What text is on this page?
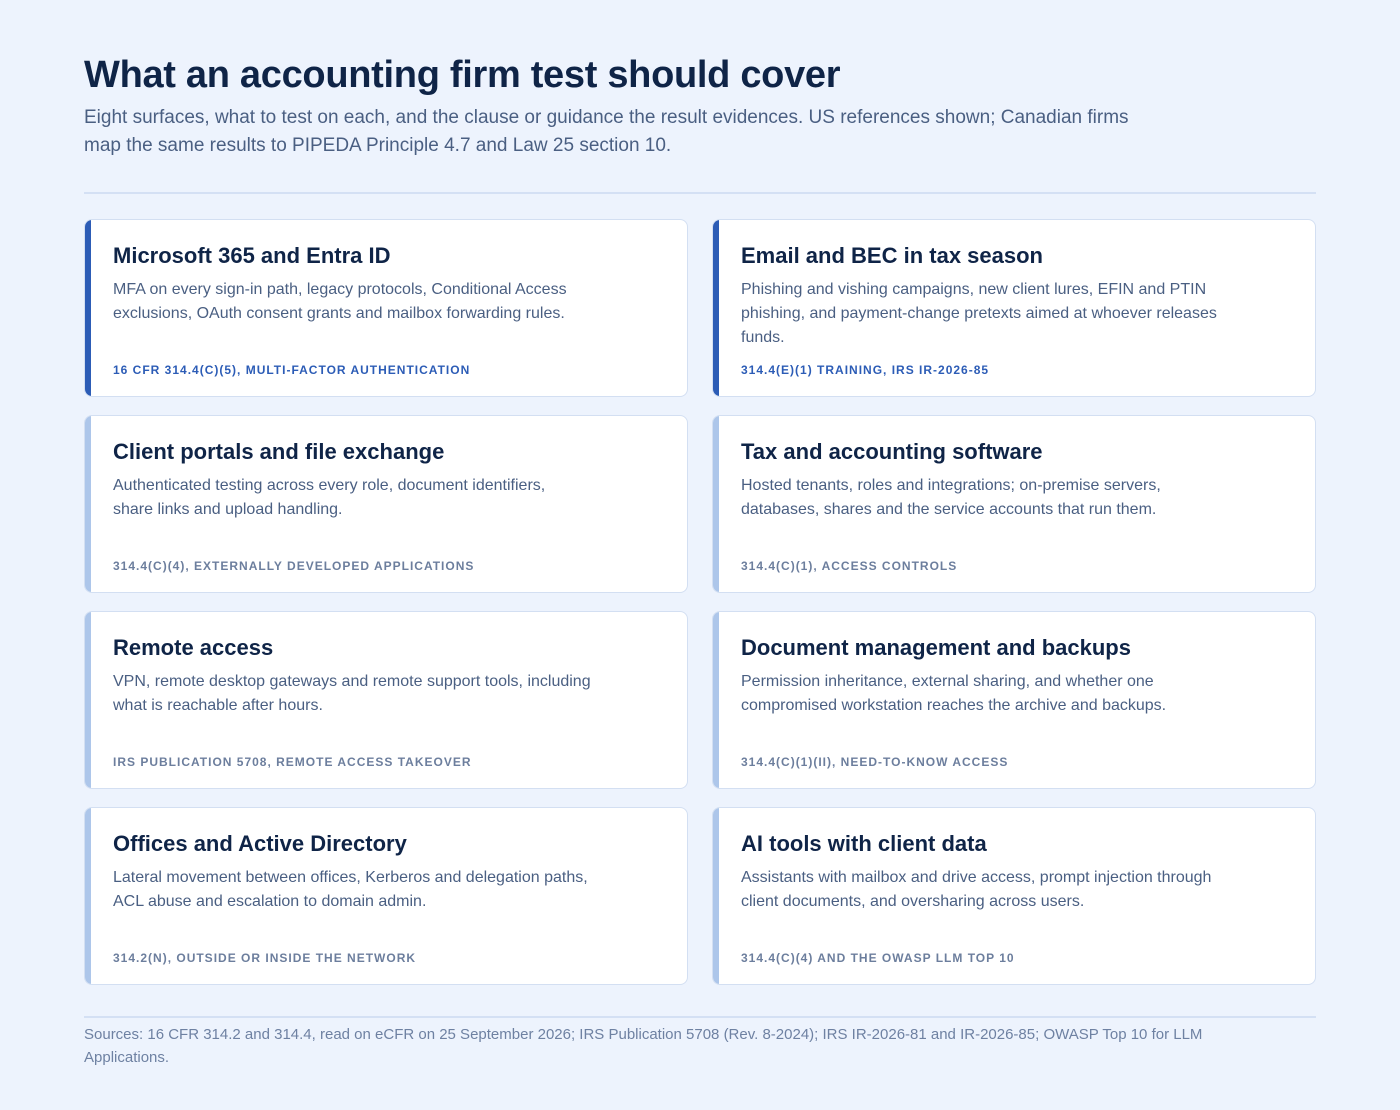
What an accounting firm test should cover

Eight surfaces, what to test on each, and the clause or guidance the result evidences. US references shown; Canadian firms map the same results to PIPEDA Principle 4.7 and Law 25 section 10.

Microsoft 365 and Entra ID

MFA on every sign-in path, legacy protocols, Conditional Access exclusions, OAuth consent grants and mailbox forwarding rules.

16 CFR 314.4(C)(5), MULTI-FACTOR AUTHENTICATION
Email and BEC in tax season

Phishing and vishing campaigns, new client lures, EFIN and PTIN phishing, and payment-change pretexts aimed at whoever releases funds.

314.4(E)(1) TRAINING, IRS IR-2026-85
Client portals and file exchange

Authenticated testing across every role, document identifiers, share links and upload handling.

314.4(C)(4), EXTERNALLY DEVELOPED APPLICATIONS
Tax and accounting software

Hosted tenants, roles and integrations; on-premise servers, databases, shares and the service accounts that run them.

314.4(C)(1), ACCESS CONTROLS
Remote access

VPN, remote desktop gateways and remote support tools, including what is reachable after hours.

IRS PUBLICATION 5708, REMOTE ACCESS TAKEOVER
Document management and backups

Permission inheritance, external sharing, and whether one compromised workstation reaches the archive and backups.

314.4(C)(1)(II), NEED-TO-KNOW ACCESS
Offices and Active Directory

Lateral movement between offices, Kerberos and delegation paths, ACL abuse and escalation to domain admin.

314.2(N), OUTSIDE OR INSIDE THE NETWORK
AI tools with client data

Assistants with mailbox and drive access, prompt injection through client documents, and oversharing across users.

314.4(C)(4) AND THE OWASP LLM TOP 10

Sources: 16 CFR 314.2 and 314.4, read on eCFR on 25 September 2026; IRS Publication 5708 (Rev. 8-2024); IRS IR-2026-81 and IR-2026-85; OWASP Top 10 for LLM Applications.
